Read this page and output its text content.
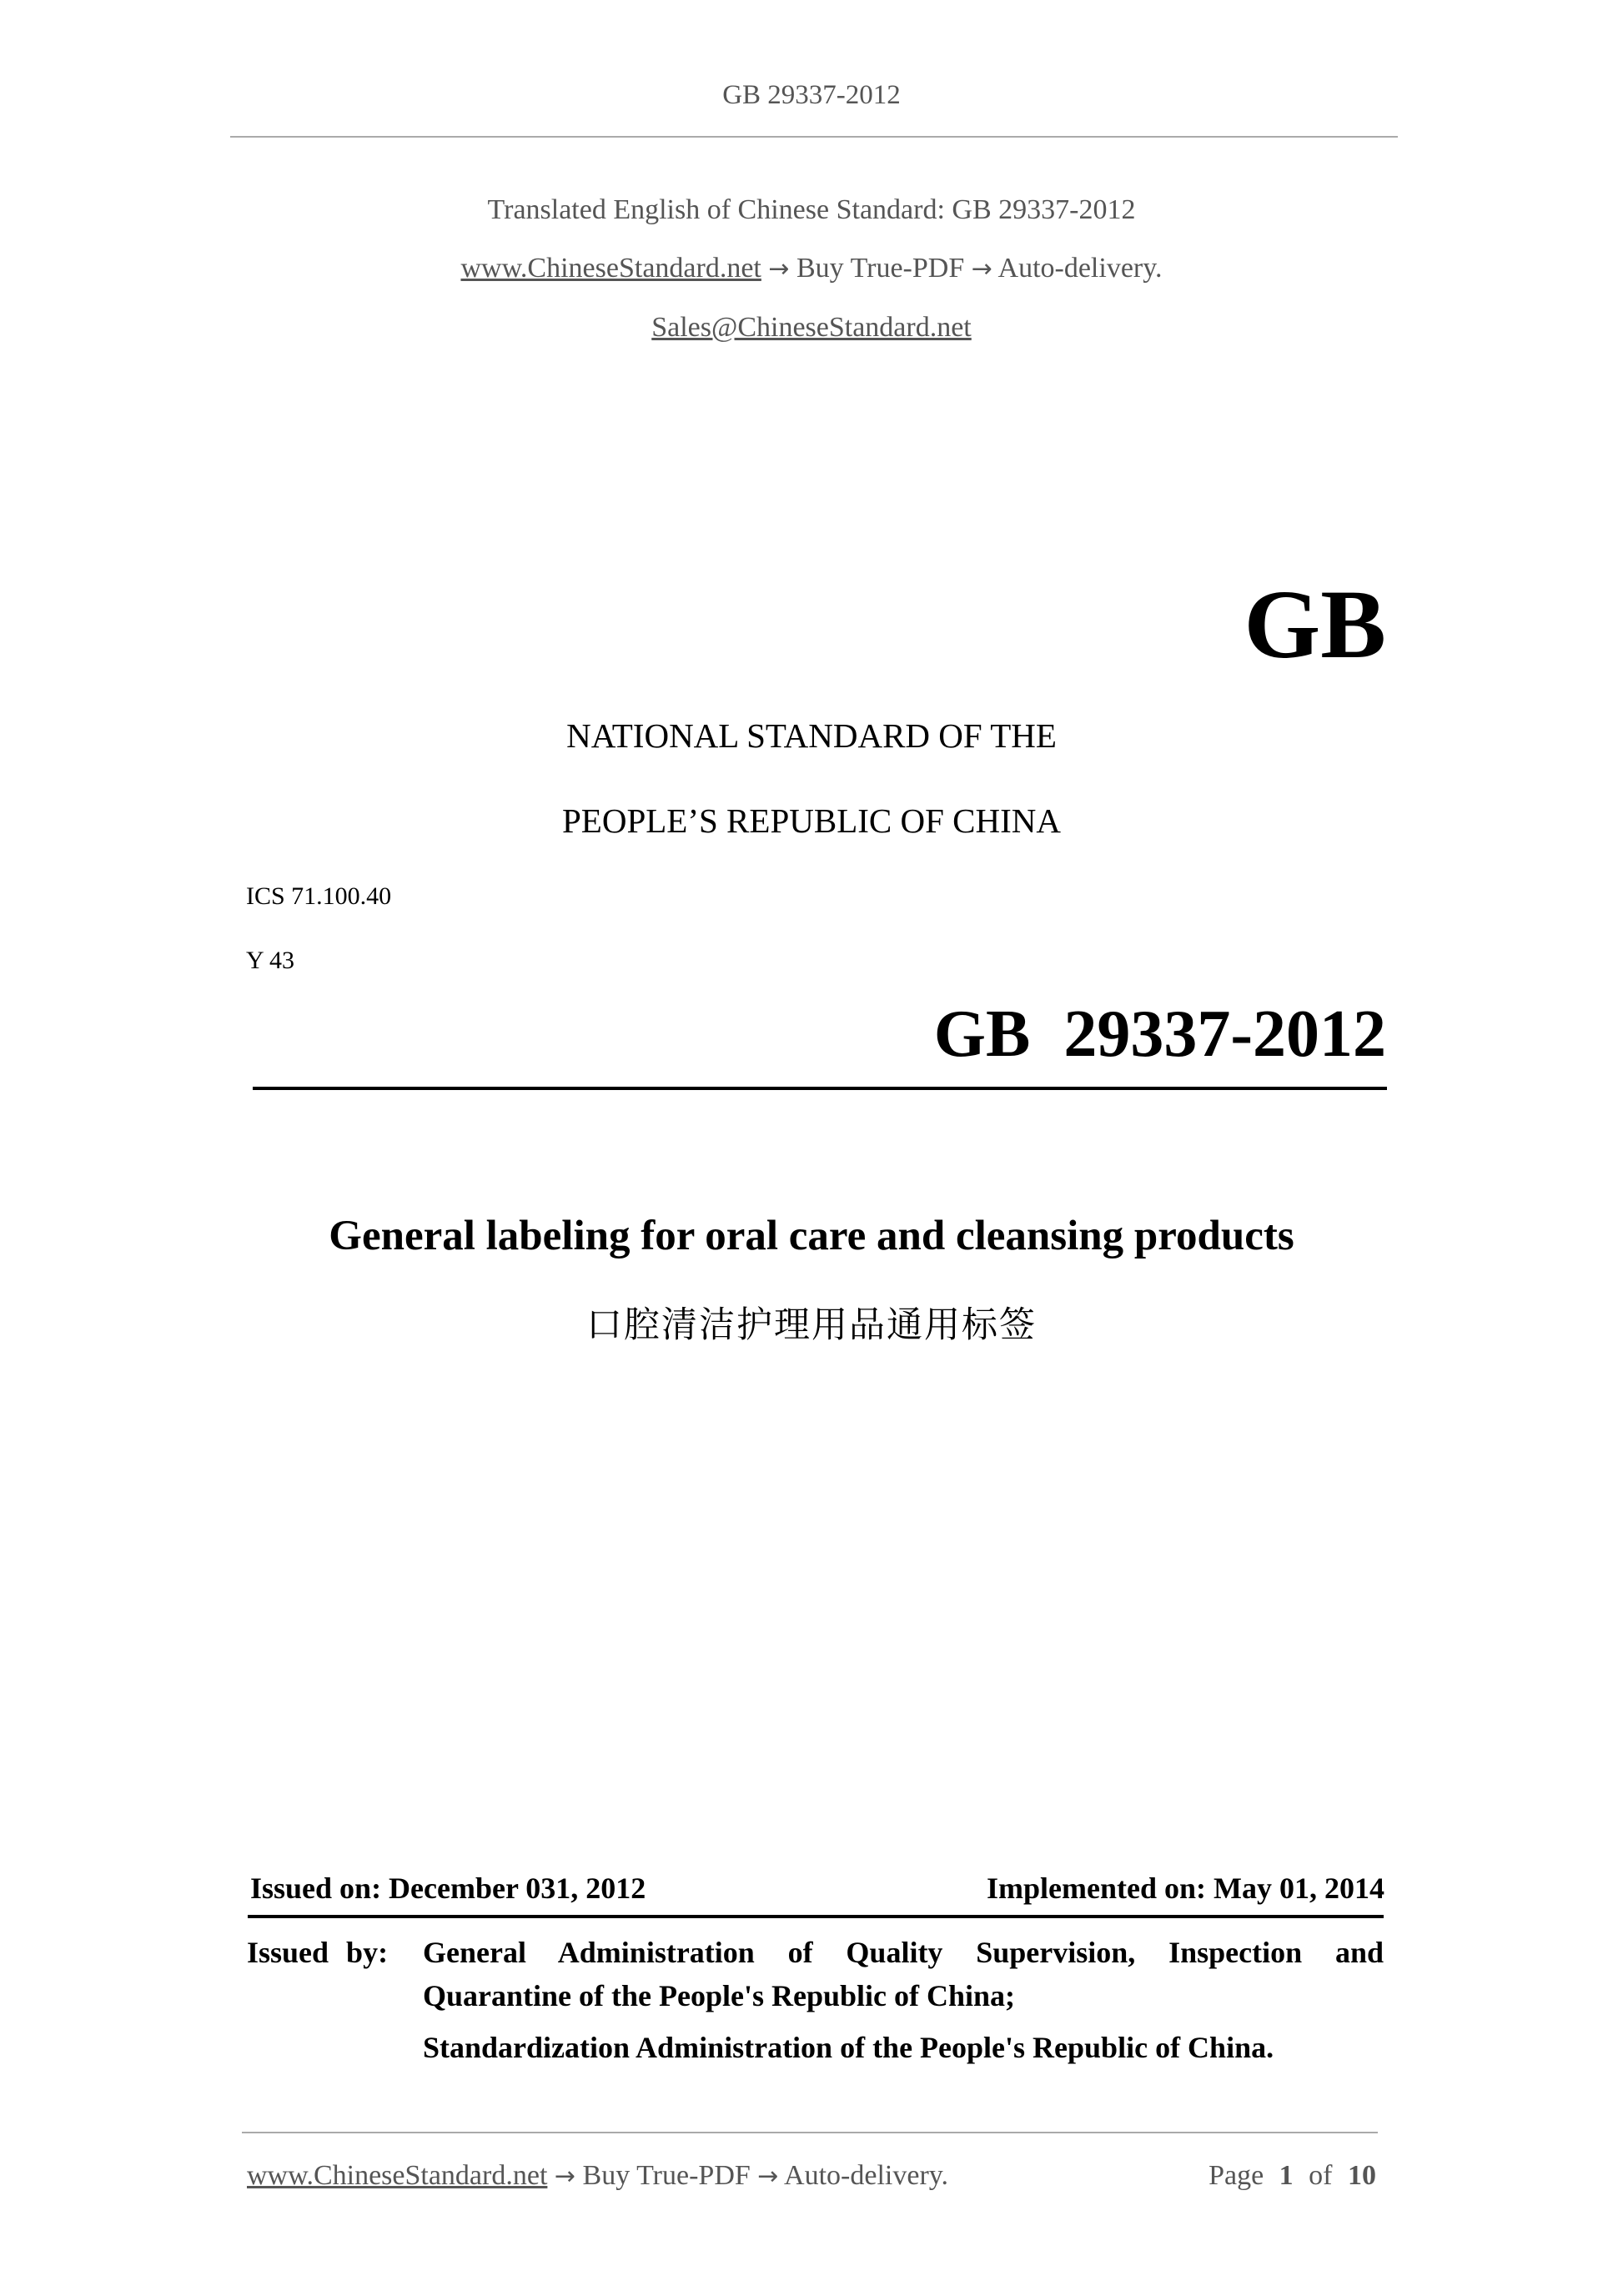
GB 29337-2012
Translated English of Chinese Standard: GB 29337-2012
www.ChineseStandard.net → Buy True-PDF → Auto-delivery.
Sales@ChineseStandard.net
GB
NATIONAL STANDARD OF THE
PEOPLE’S REPUBLIC OF CHINA
ICS 71.100.40
Y 43
GB  29337-2012
General labeling for oral care and cleansing products
口腔清洁护理用品通用标签
Issued on: December 031, 2012	Implemented on: May 01, 2014
Issued by: General Administration of Quality Supervision, Inspection and
Quarantine of the People's Republic of China;
Standardization Administration of the People's Republic of China.
www.ChineseStandard.net → Buy True-PDF → Auto-delivery.	Page 1 of 10
